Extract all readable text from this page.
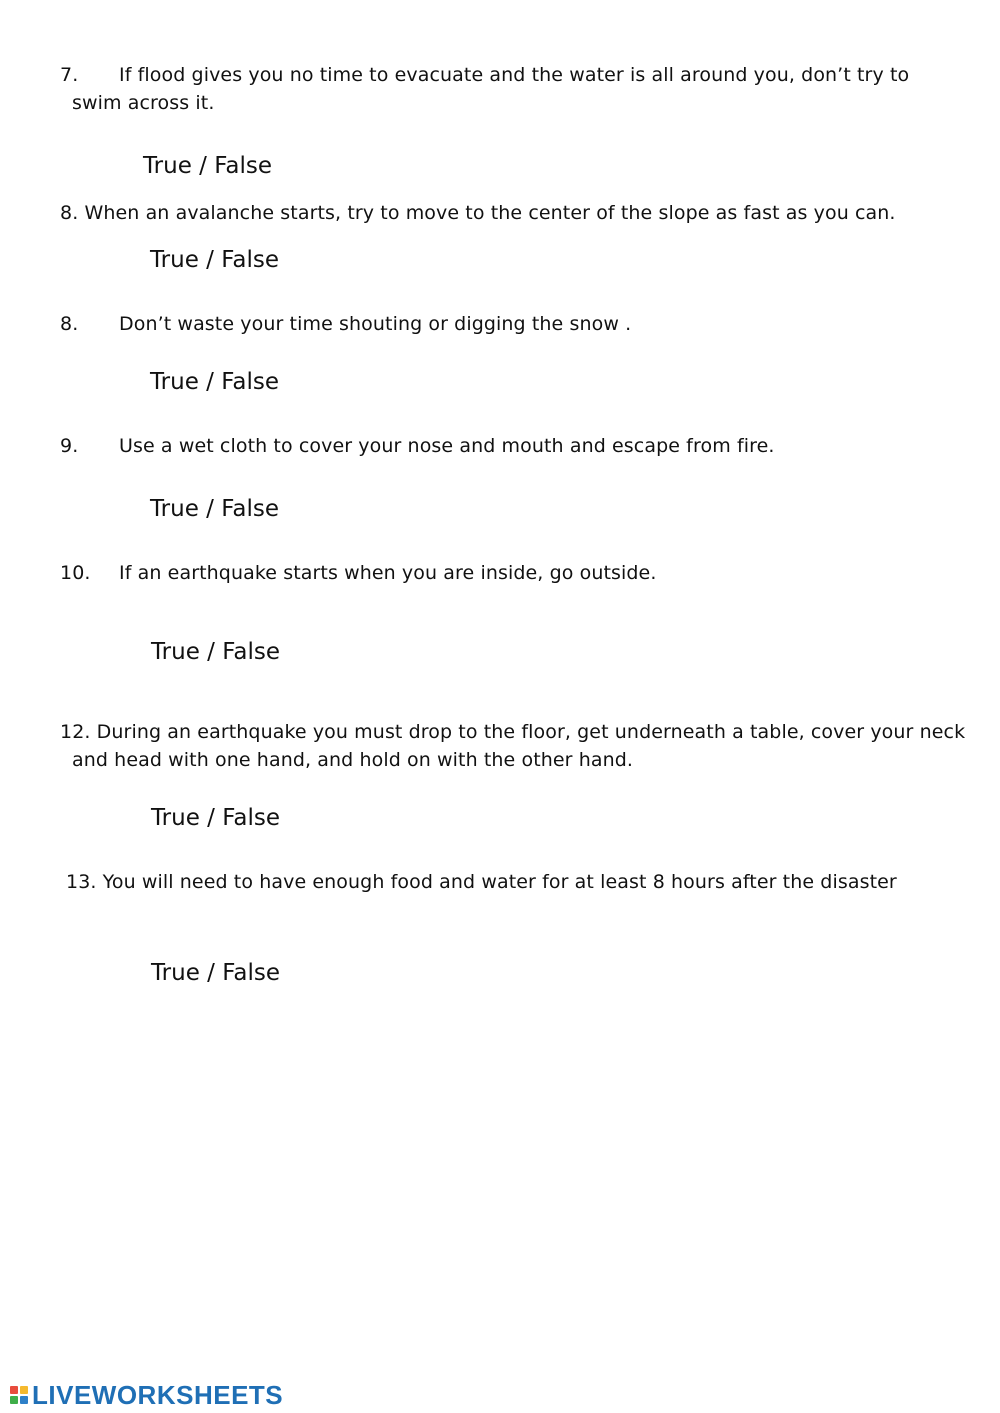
7. If flood gives you no time to evacuate and the water is all around you, don’t try to
swim across it.
True / False
8. When an avalanche starts, try to move to the center of the slope as fast as you can.
True / False
8. Don’t waste your time shouting or digging the snow .
True / False
9. Use a wet cloth to cover your nose and mouth and escape from fire.
True / False
10. If an earthquake starts when you are inside, go outside.
True / False
12. During an earthquake you must drop to the floor, get underneath a table, cover your neck
and head with one hand, and hold on with the other hand.
True / False
13. You will need to have enough food and water for at least 8 hours after the disaster
True / False
LIVEWORKSHEETS
